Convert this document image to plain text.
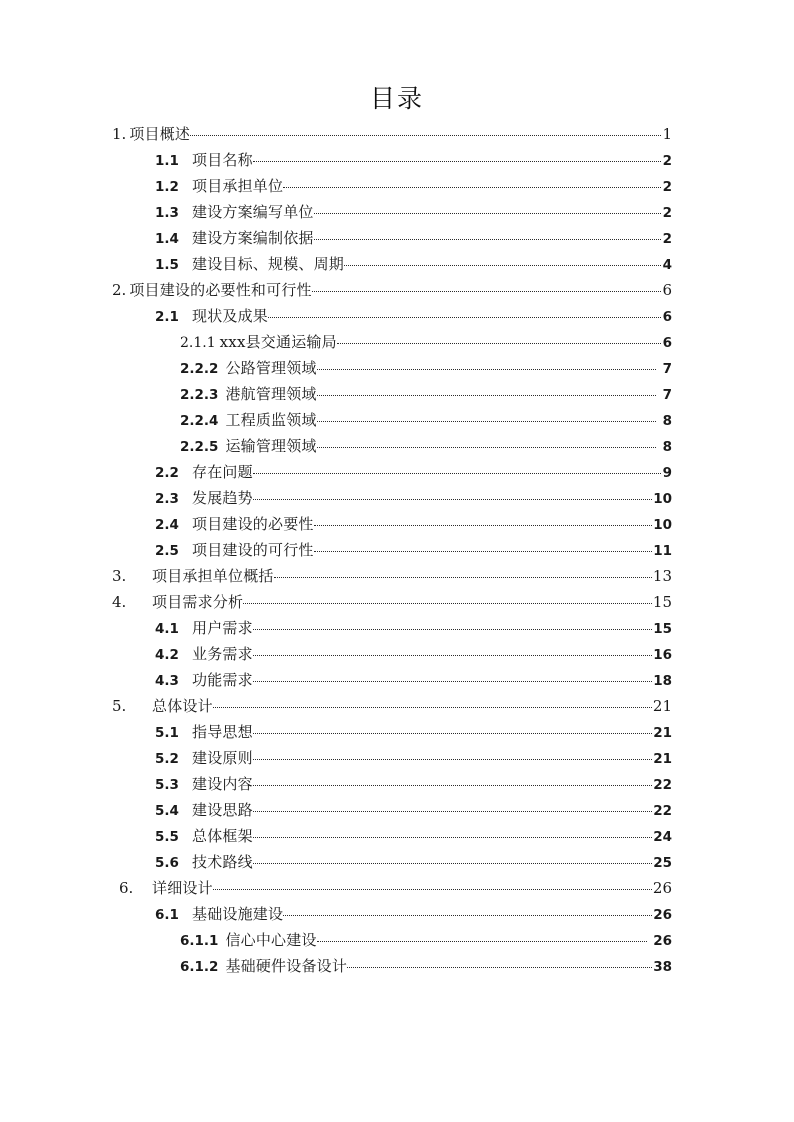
目录
1. 项目概述	1
1.1 项目名称	2
1.2 项目承担单位	2
1.3 建设方案编写单位	2
1.4 建设方案编制依据	2
1.5 建设目标、规模、周期	4
2. 项目建设的必要性和可行性	6
2.1 现状及成果	6
2.1.1 xxx县交通运输局	6
2.2.2 公路管理领域	7
2.2.3 港航管理领域	7
2.2.4 工程质监领域	8
2.2.5 运输管理领域	8
2.2 存在问题	9
2.3 发展趋势	10
2.4 项目建设的必要性	10
2.5 项目建设的可行性	11
3.	项目承担单位概括	13
4.	项目需求分析	15
4.1 用户需求	15
4.2 业务需求	16
4.3 功能需求	18
5.	总体设计	21
5.1 指导思想	21
5.2 建设原则	21
5.3 建设内容	22
5.4 建设思路	22
5.5 总体框架	24
5.6 技术路线	25
6.	详细设计	26
6.1 基础设施建设	26
6.1.1 信心中心建设	26
6.1.2 基础硬件设备设计	38
